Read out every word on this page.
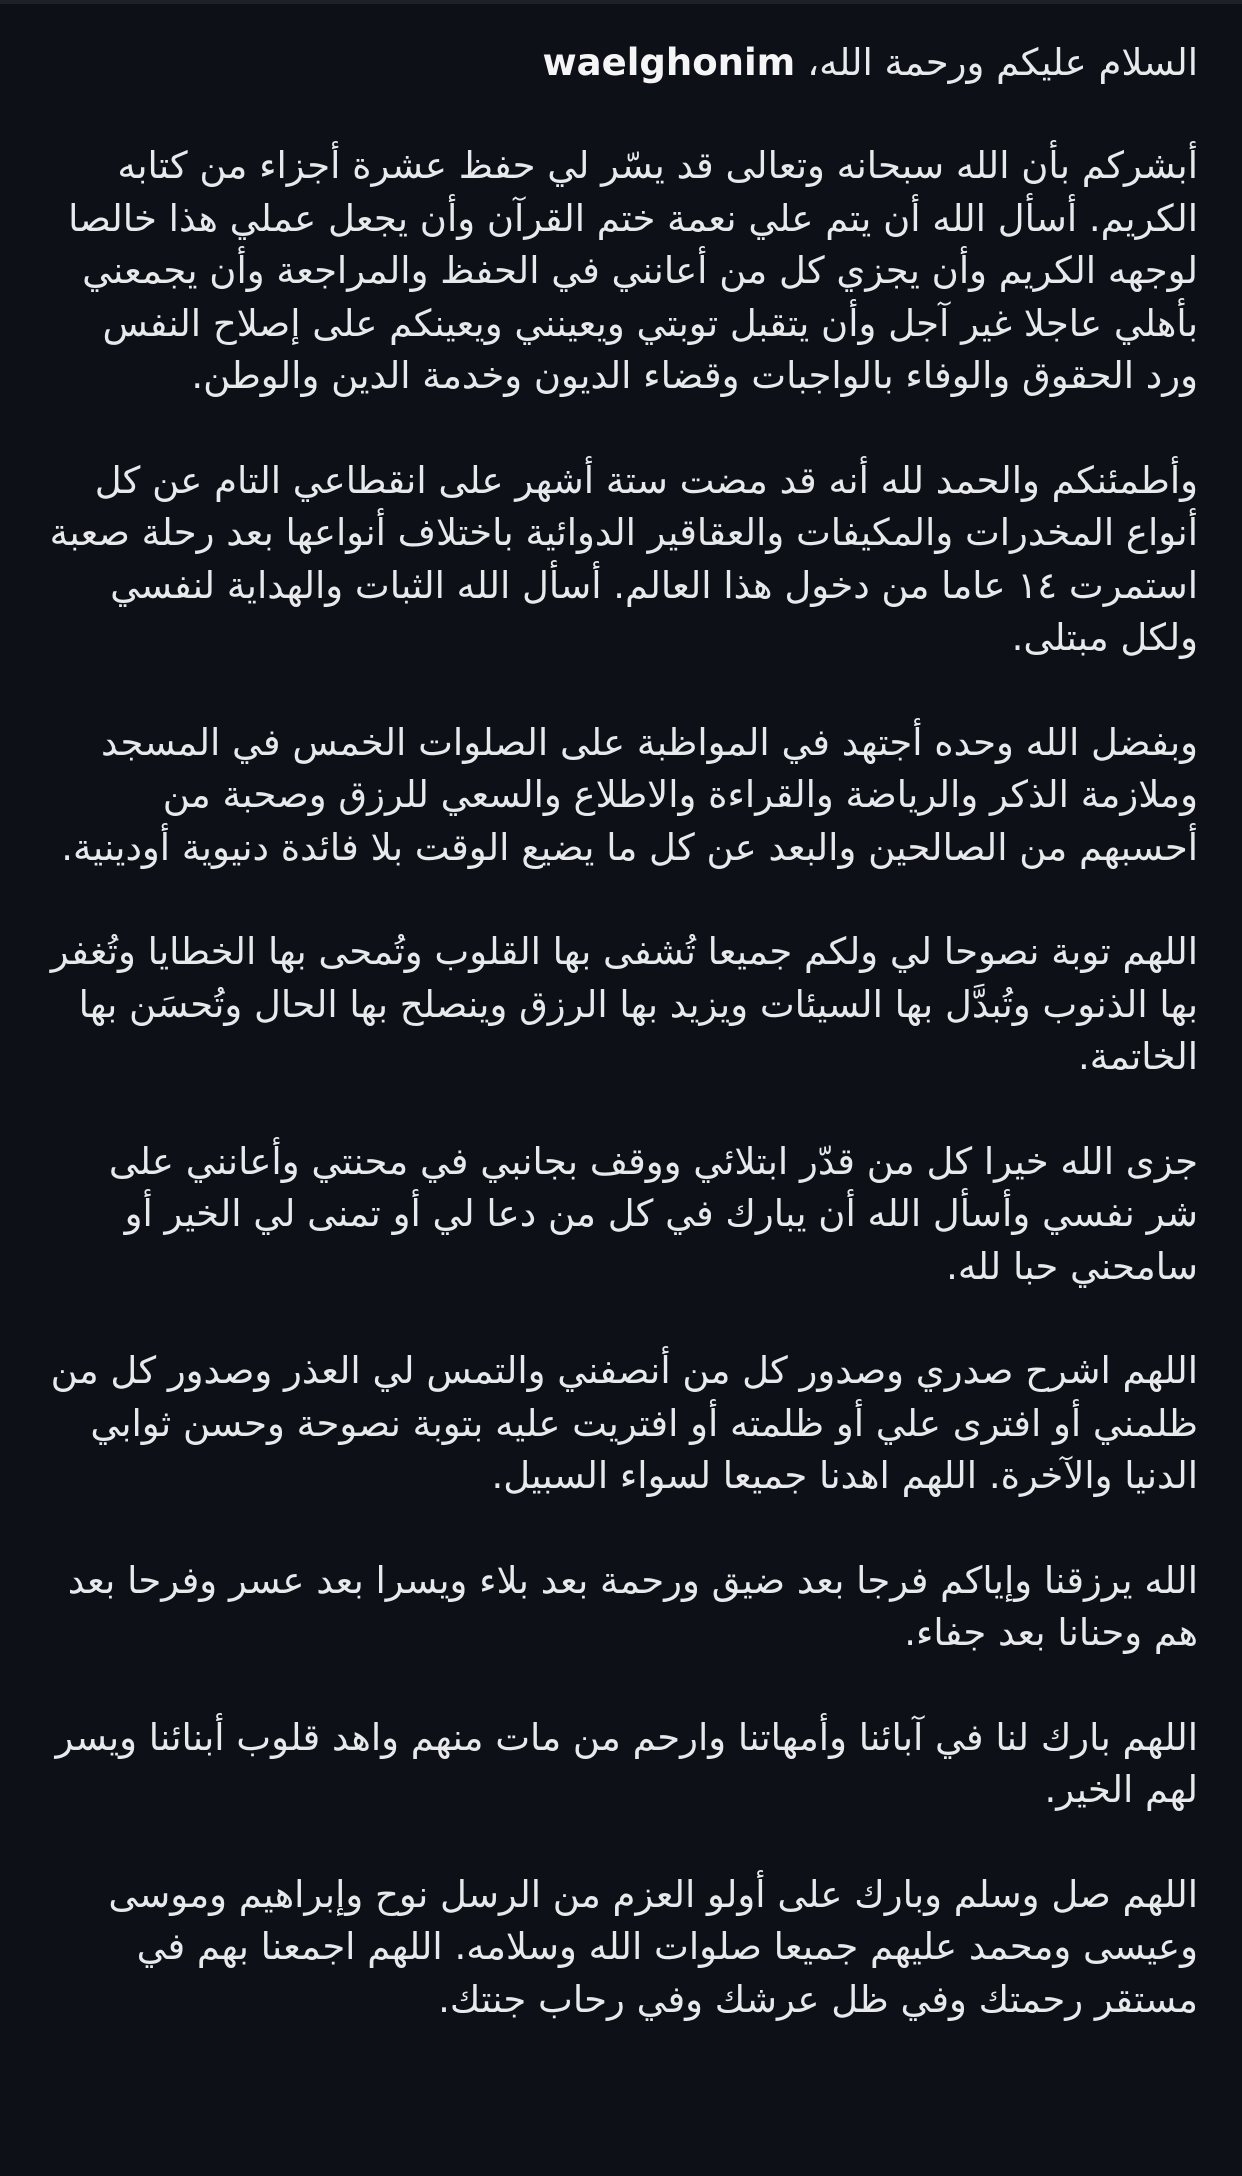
waelghonim السلام عليكم ورحمة الله،

أبشركم بأن الله سبحانه وتعالى قد يسّر لي حفظ عشرة أجزاء من كتابه الكريم. أسأل الله أن يتم علي نعمة ختم القرآن وأن يجعل عملي هذا خالصا لوجهه الكريم وأن يجزي كل من أعانني في الحفظ والمراجعة وأن يجمعني بأهلي عاجلا غير آجل وأن يتقبل توبتي ويعينني ويعينكم على إصلاح النفس ورد الحقوق والوفاء بالواجبات وقضاء الديون وخدمة الدين والوطن.

وأطمئنكم والحمد لله أنه قد مضت ستة أشهر على انقطاعي التام عن كل أنواع المخدرات والمكيفات والعقاقير الدوائية باختلاف أنواعها بعد رحلة صعبة استمرت ١٤ عاما من دخول هذا العالم. أسأل الله الثبات والهداية لنفسي ولكل مبتلى.

وبفضل الله وحده أجتهد في المواظبة على الصلوات الخمس في المسجد وملازمة الذكر والرياضة والقراءة والاطلاع والسعي للرزق وصحبة من أحسبهم من الصالحين والبعد عن كل ما يضيع الوقت بلا فائدة دنيوية أودينية.

اللهم توبة نصوحا لي ولكم جميعا تُشفى بها القلوب وتُمحى بها الخطايا وتُغفر بها الذنوب وتُبدَّل بها السيئات ويزيد بها الرزق وينصلح بها الحال وتُحسَن بها الخاتمة.

جزى الله خيرا كل من قدّر ابتلائي ووقف بجانبي في محنتي وأعانني على شر نفسي وأسأل الله أن يبارك في كل من دعا لي أو تمنى لي الخير أو سامحني حبا لله.

اللهم اشرح صدري وصدور كل من أنصفني والتمس لي العذر وصدور كل من ظلمني أو افترى علي أو ظلمته أو افتريت عليه بتوبة نصوحة وحسن ثوابي الدنيا والآخرة. اللهم اهدنا جميعا لسواء السبيل.

الله يرزقنا وإياكم فرجا بعد ضيق ورحمة بعد بلاء ويسرا بعد عسر وفرحا بعد هم وحنانا بعد جفاء.

اللهم بارك لنا في آبائنا وأمهاتنا وارحم من مات منهم واهد قلوب أبنائنا ويسر لهم الخير.

اللهم صل وسلم وبارك على أولو العزم من الرسل نوح وإبراهيم وموسى وعيسى ومحمد عليهم جميعا صلوات الله وسلامه. اللهم اجمعنا بهم في مستقر رحمتك وفي ظل عرشك وفي رحاب جنتك.
